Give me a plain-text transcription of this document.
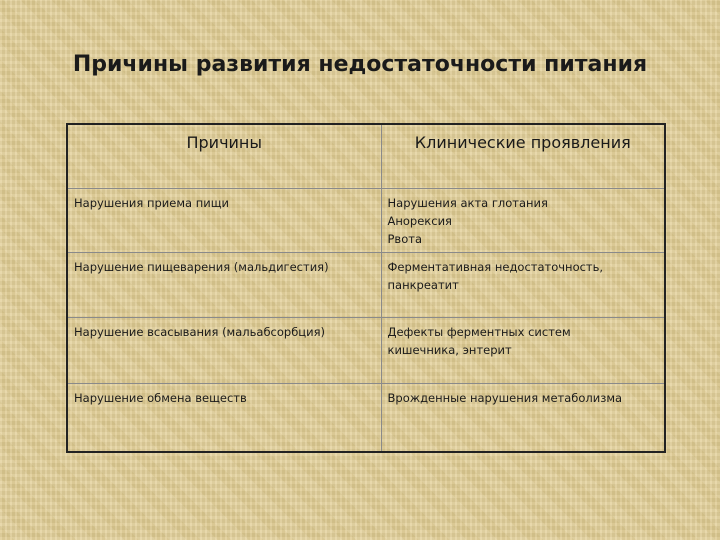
Причины развития недостаточности питания
Причины	Клинические проявления
Нарушения приема пищи	Нарушения акта глотания
Анорексия
Рвота

Нарушение пищеварения (мальдигестия)	Ферментативная недостаточность,
панкреатит

Нарушение всасывания (мальабсорбция)	Дефекты ферментных систем
кишечника, энтерит

Нарушение обмена веществ	Врожденные нарушения метаболизма
